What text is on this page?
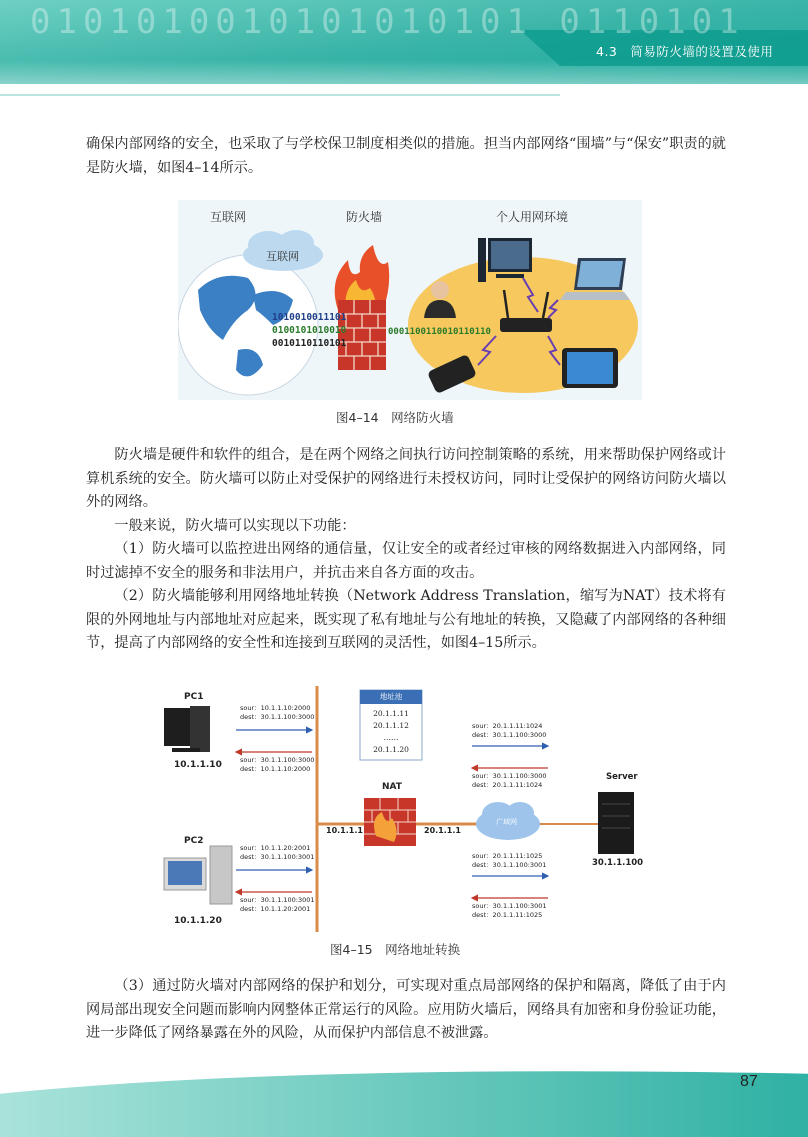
0101010010101010101 0110101
4.3　 简易防火墙的设置及使用

确保内部网络的安全，也采取了与学校保卫制度相类似的措施。担当内部网络“围墙”与“保安”职责的就是防火墙，如图4–14所示。

互联网	防火墙	个人用网环境
互联网
1010010011101
0100101010010
0010110110101
0001100110010110110
图4–14　网络防火墙

防火墙是硬件和软件的组合，是在两个网络之间执行访问控制策略的系统，用来帮助保护网络或计算机系统的安全。防火墙可以防止对受保护的网络进行未授权访问，同时让受保护的网络访问防火墙以外的网络。

一般来说，防火墙可以实现以下功能：

（1）防火墙可以监控进出网络的通信量，仅让安全的或者经过审核的网络数据进入内部网络，同时过滤掉不安全的服务和非法用户，并抗击来自各方面的攻击。

（2）防火墙能够利用网络地址转换（Network Address Translation，缩写为NAT）技术将有限的外网地址与内部地址对应起来，既实现了私有地址与公有地址的转换，又隐藏了内部网络的各种细节，提高了内部网络的安全性和连接到互联网的灵活性，如图4–15所示。

PC1
10.1.1.10
PC2
10.1.1.20
sour：10.1.1.10:2000
dest：30.1.1.100:3000
sour：30.1.1.100:3000
dest：10.1.1.10:2000
sour：10.1.1.20:2001
dest：30.1.1.100:3001
sour：30.1.1.100:3001
dest：10.1.1.20:2001
地址池
20.1.1.11
20.1.1.12
……
20.1.1.20
NAT
10.1.1.1	20.1.1.1
广域网
Server
30.1.1.100
sour：20.1.1.11:1024
dest：30.1.1.100:3000
sour：30.1.1.100:3000
dest：20.1.1.11:1024
sour：20.1.1.11:1025
dest：30.1.1.100:3001
sour：30.1.1.100:3001
dest：20.1.1.11:1025
图4–15　网络地址转换

（3）通过防火墙对内部网络的保护和划分，可实现对重点局部网络的保护和隔离，降低了由于内网局部出现安全问题而影响内网整体正常运行的风险。应用防火墙后，网络具有加密和身份验证功能，进一步降低了网络暴露在外的风险，从而保护内部信息不被泄露。

87
